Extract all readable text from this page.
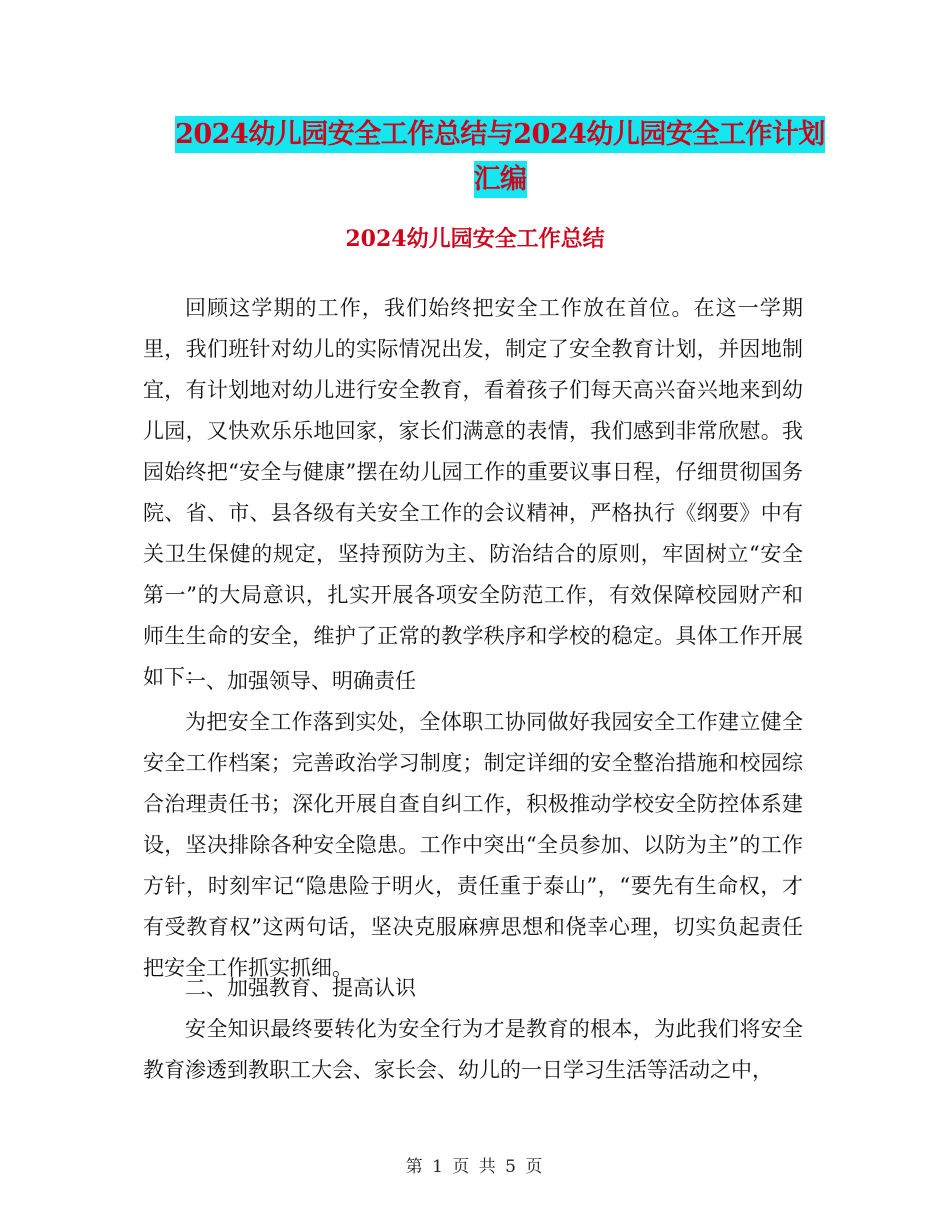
2024幼儿园安全工作总结与2024幼儿园安全工作计划
汇编
2024幼儿园安全工作总结

回顾这学期的工作，我们始终把安全工作放在首位。在这一学期里，我们班针对幼儿的实际情况出发，制定了安全教育计划，并因地制宜，有计划地对幼儿进行安全教育，看着孩子们每天高兴奋兴地来到幼儿园，又快欢乐乐地回家，家长们满意的表情，我们感到非常欣慰。我园始终把“安全与健康”摆在幼儿园工作的重要议事日程，仔细贯彻国务院、省、市、县各级有关安全工作的会议精神，严格执行《纲要》中有关卫生保健的规定，坚持预防为主、防治结合的原则，牢固树立“安全第一”的大局意识，扎实开展各项安全防范工作，有效保障校园财产和师生生命的安全，维护了正常的教学秩序和学校的稳定。具体工作开展如下：

一、加强领导、明确责任

为把安全工作落到实处，全体职工协同做好我园安全工作建立健全安全工作档案；完善政治学习制度；制定详细的安全整治措施和校园综合治理责任书；深化开展自查自纠工作，积极推动学校安全防控体系建设，坚决排除各种安全隐患。工作中突出“全员参加、以防为主”的工作方针，时刻牢记“隐患险于明火，责任重于泰山”，“要先有生命权，才有受教育权”这两句话，坚决克服麻痹思想和侥幸心理，切实负起责任把安全工作抓实抓细。

二、加强教育、提高认识

安全知识最终要转化为安全行为才是教育的根本，为此我们将安全教育渗透到教职工大会、家长会、幼儿的一日学习生活等活动之中，

第 1 页 共 5 页
